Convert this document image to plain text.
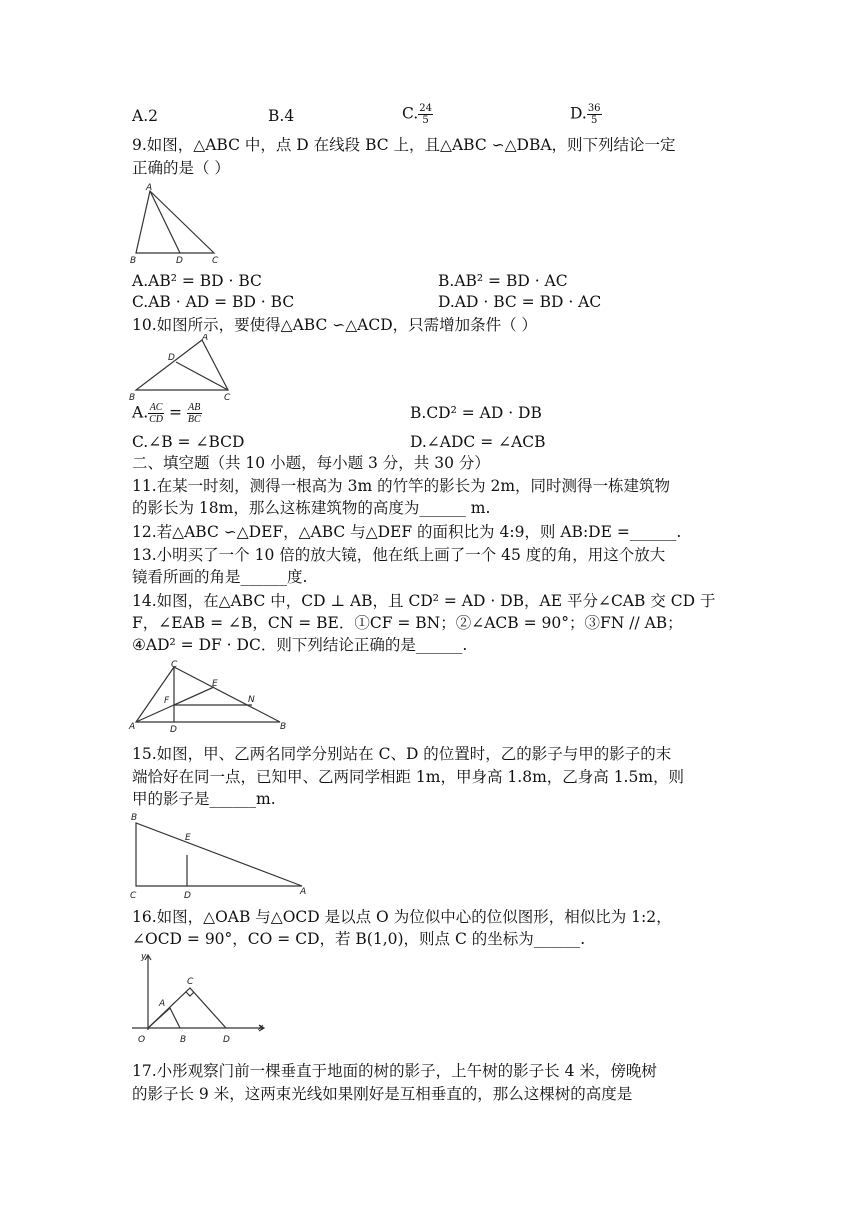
A.2	B.4	C. $\frac{24}{5}$	D. $\frac{36}{5}$
9.如图，△ABC 中，点 D 在线段 BC 上，且△ABC ∽△DBA，则下列结论一定
正确的是（ ）
A
B	D	C
A.AB² = BD · BC	B.AB² = BD · AC
C.AB · AD = BD · BC	D.AD · BC = BD · AC
10.如图所示，要使得△ABC ∽△ACD，只需增加条件（ ）
A
D
B	C
A. $\frac{AC}{CD} = \frac{AB}{BC}$	B.CD² = AD · DB
C.∠B = ∠BCD	D.∠ADC = ∠ACB
二、填空题（共 10 小题，每小题 3 分，共 30 分）
11.在某一时刻，测得一根高为 3m 的竹竿的影长为 2m，同时测得一栋建筑物
的影长为 18m，那么这栋建筑物的高度为______ m.
12.若△ABC ∽△DEF，△ABC 与△DEF 的面积比为 4:9，则 AB:DE =______.
13.小明买了一个 10 倍的放大镜，他在纸上画了一个 45 度的角，用这个放大
镜看所画的角是______度.
14.如图，在△ABC 中，CD ⊥ AB，且 CD² = AD · DB，AE 平分∠CAB 交 CD 于
F，∠EAB = ∠B，CN = BE．①CF = BN；②∠ACB = 90°；③FN // AB；
④AD² = DF · DC．则下列结论正确的是______.
C
E
N
F
A	D	B
15.如图，甲、乙两名同学分别站在 C、D 的位置时，乙的影子与甲的影子的末
端恰好在同一点，已知甲、乙两同学相距 1m，甲身高 1.8m，乙身高 1.5m，则
甲的影子是______m.
B
E
C	D	A
16.如图，△OAB 与△OCD 是以点 O 为位似中心的位似图形，相似比为 1:2，
∠OCD = 90°，CO = CD，若 B(1,0)，则点 C 的坐标为______.
y
x
O
A
B
C
D
17.小彤观察门前一棵垂直于地面的树的影子，上午树的影子长 4 米，傍晚树
的影子长 9 米，这两束光线如果刚好是互相垂直的，那么这棵树的高度是
